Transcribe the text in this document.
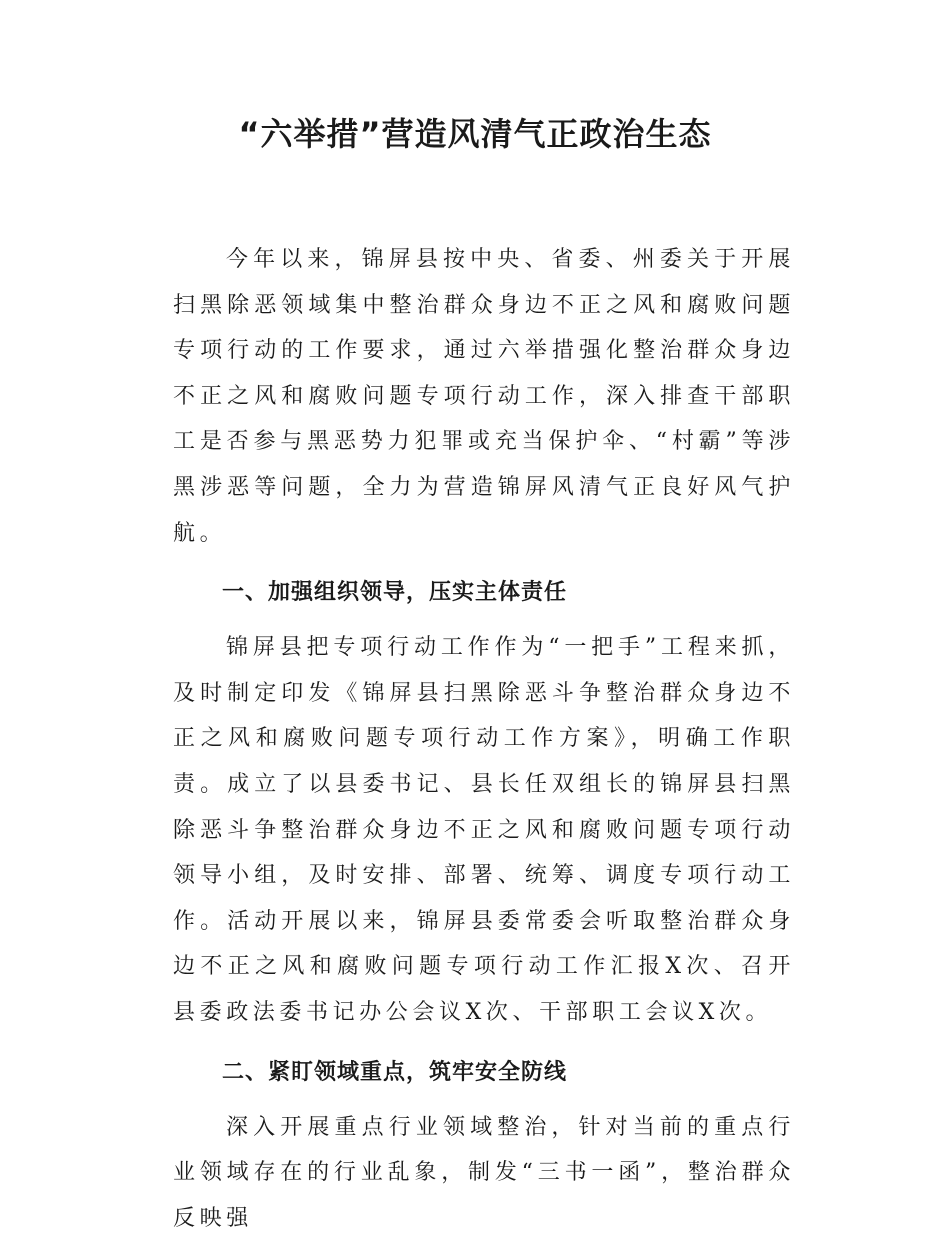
“六举措”营造风清气正政治生态

今年以来，锦屏县按中央、省委、州委关于开展扫黑除恶领域集中整治群众身边不正之风和腐败问题专项行动的工作要求，通过六举措强化整治群众身边不正之风和腐败问题专项行动工作，深入排查干部职工是否参与黑恶势力犯罪或充当保护伞、“村霸”等涉黑涉恶等问题，全力为营造锦屏风清气正良好风气护航。

一、加强组织领导，压实主体责任

锦屏县把专项行动工作作为“一把手”工程来抓，及时制定印发《锦屏县扫黑除恶斗争整治群众身边不正之风和腐败问题专项行动工作方案》，明确工作职责。成立了以县委书记、县长任双组长的锦屏县扫黑除恶斗争整治群众身边不正之风和腐败问题专项行动领导小组，及时安排、部署、统筹、调度专项行动工作。活动开展以来，锦屏县委常委会听取整治群众身边不正之风和腐败问题专项行动工作汇报X次、召开县委政法委书记办公会议X次、干部职工会议X次。

二、紧盯领域重点，筑牢安全防线

深入开展重点行业领域整治，针对当前的重点行业领域存在的行业乱象，制发“三书一函”，整治群众反映强
